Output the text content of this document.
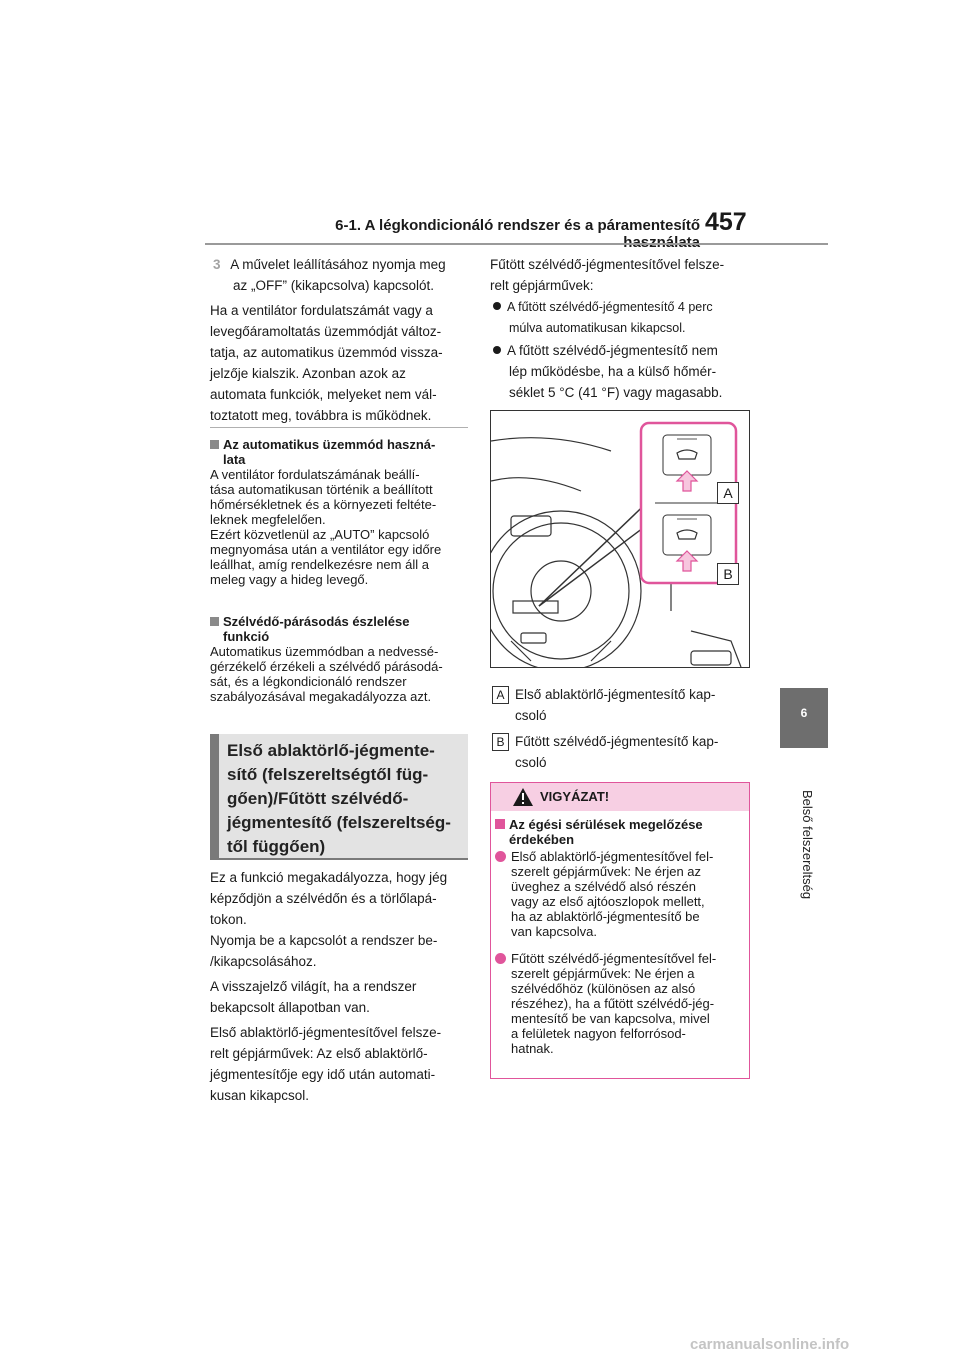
6-1. A légkondicionáló rendszer és a páramentesítő 457
6
Belső felszereltség
3 A művelet leállításához nyomja meg
az „OFF” (kikapcsolva) kapcsolót.
Ha a ventilátor fordulatszámát vagy a
levegőáramoltatás üzemmódját változ-
tatja, az automatikus üzemmód vissza-
jelzője kialszik. Azonban azok az
automata funkciók, melyeket nem vál-
toztatott meg, továbbra is működnek.
Az automatikus üzemmód haszná-
lata
A ventilátor fordulatszámának beállí-
tása automatikusan történik a beállított
hőmérsékletnek és a környezeti feltéte-
leknek megfelelően.
Ezért közvetlenül az „AUTO” kapcsoló
megnyomása után a ventilátor egy időre
leállhat, amíg rendelkezésre nem áll a
meleg vagy a hideg levegő.
Szélvédő-párásodás észlelése
funkció
Automatikus üzemmódban a nedvessé-
gérzékelő érzékeli a szélvédő párásodá-
sát, és a légkondicionáló rendszer
szabályozásával megakadályozza azt.
Első ablaktörlő-jégmente-
sítő (felszereltségtől füg-
gően)/Fűtött szélvédő-
jégmentesítő (felszereltség-
től függően)
Ez a funkció megakadályozza, hogy jég
képződjön a szélvédőn és a törlőlapá-
tokon.
Nyomja be a kapcsolót a rendszer be-
/kikapcsolásához.
A visszajelző világít, ha a rendszer
bekapcsolt állapotban van.
Első ablaktörlő-jégmentesítővel felsze-
relt gépjárművek: Az első ablaktörlő-
jégmentesítője egy idő után automati-
kusan kikapcsol.
Fűtött szélvédő-jégmentesítővel felsze-
relt gépjárművek:
A fűtött szélvédő-jégmentesítő 4 perc
múlva automatikusan kikapcsol.
A fűtött szélvédő-jégmentesítő nem
lép működésbe, ha a külső hőmér-
séklet 5 °C (41 °F) vagy magasabb.
A
B
A Első ablaktörlő-jégmentesítő kap-
csoló
B Fűtött szélvédő-jégmentesítő kap-
csoló
VIGYÁZAT!
Az égési sérülések megelőzése
érdekében
Első ablaktörlő-jégmentesítővel fel-
szerelt gépjárművek: Ne érjen az
üveghez a szélvédő alsó részén
vagy az első ajtóoszlopok mellett,
ha az ablaktörlő-jégmentesítő be
van kapcsolva.
Fűtött szélvédő-jégmentesítővel fel-
szerelt gépjárművek: Ne érjen a
szélvédőhöz (különösen az alsó
részéhez), ha a fűtött szélvédő-jég-
mentesítő be van kapcsolva, mivel
a felületek nagyon felforrósod-
hatnak.
carmanualsonline.info
